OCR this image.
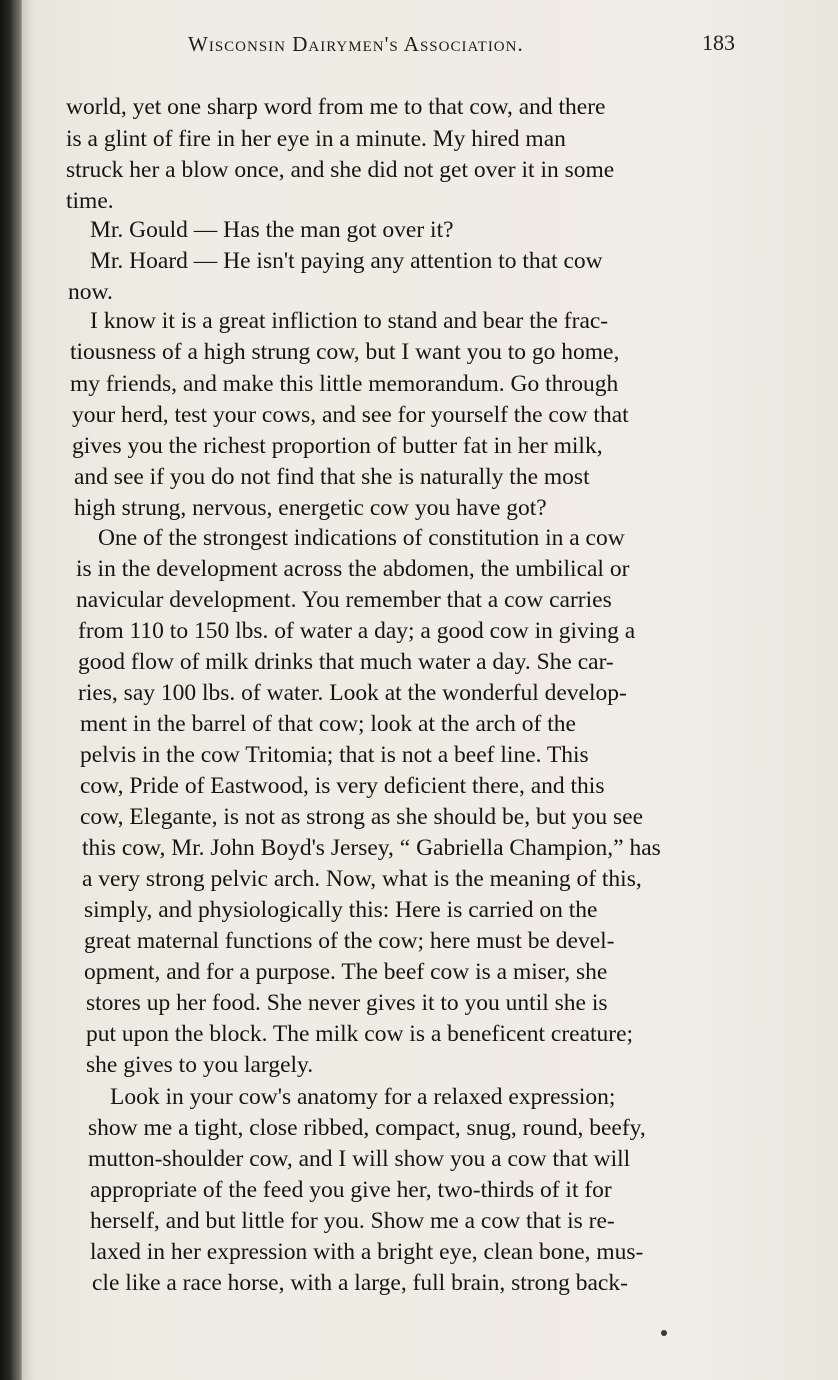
Wisconsin Dairymen's Association.	183
world, yet one sharp word from me to that cow, and there
is a glint of fire in her eye in a minute. My hired man
struck her a blow once, and she did not get over it in some
time.
Mr. Gould — Has the man got over it?
Mr. Hoard — He isn't paying any attention to that cow
now.
I know it is a great infliction to stand and bear the frac-
tiousness of a high strung cow, but I want you to go home,
my friends, and make this little memorandum. Go through
your herd, test your cows, and see for yourself the cow that
gives you the richest proportion of butter fat in her milk,
and see if you do not find that she is naturally the most
high strung, nervous, energetic cow you have got?
One of the strongest indications of constitution in a cow
is in the development across the abdomen, the umbilical or
navicular development. You remember that a cow carries
from 110 to 150 lbs. of water a day; a good cow in giving a
good flow of milk drinks that much water a day. She car-
ries, say 100 lbs. of water. Look at the wonderful develop-
ment in the barrel of that cow; look at the arch of the
pelvis in the cow Tritomia; that is not a beef line. This
cow, Pride of Eastwood, is very deficient there, and this
cow, Elegante, is not as strong as she should be, but you see
this cow, Mr. John Boyd's Jersey, “ Gabriella Champion,” has
a very strong pelvic arch. Now, what is the meaning of this,
simply, and physiologically this: Here is carried on the
great maternal functions of the cow; here must be devel-
opment, and for a purpose. The beef cow is a miser, she
stores up her food. She never gives it to you until she is
put upon the block. The milk cow is a beneficent creature;
she gives to you largely.
Look in your cow's anatomy for a relaxed expression;
show me a tight, close ribbed, compact, snug, round, beefy,
mutton-shoulder cow, and I will show you a cow that will
appropriate of the feed you give her, two-thirds of it for
herself, and but little for you. Show me a cow that is re-
laxed in her expression with a bright eye, clean bone, mus-
cle like a race horse, with a large, full brain, strong back-
